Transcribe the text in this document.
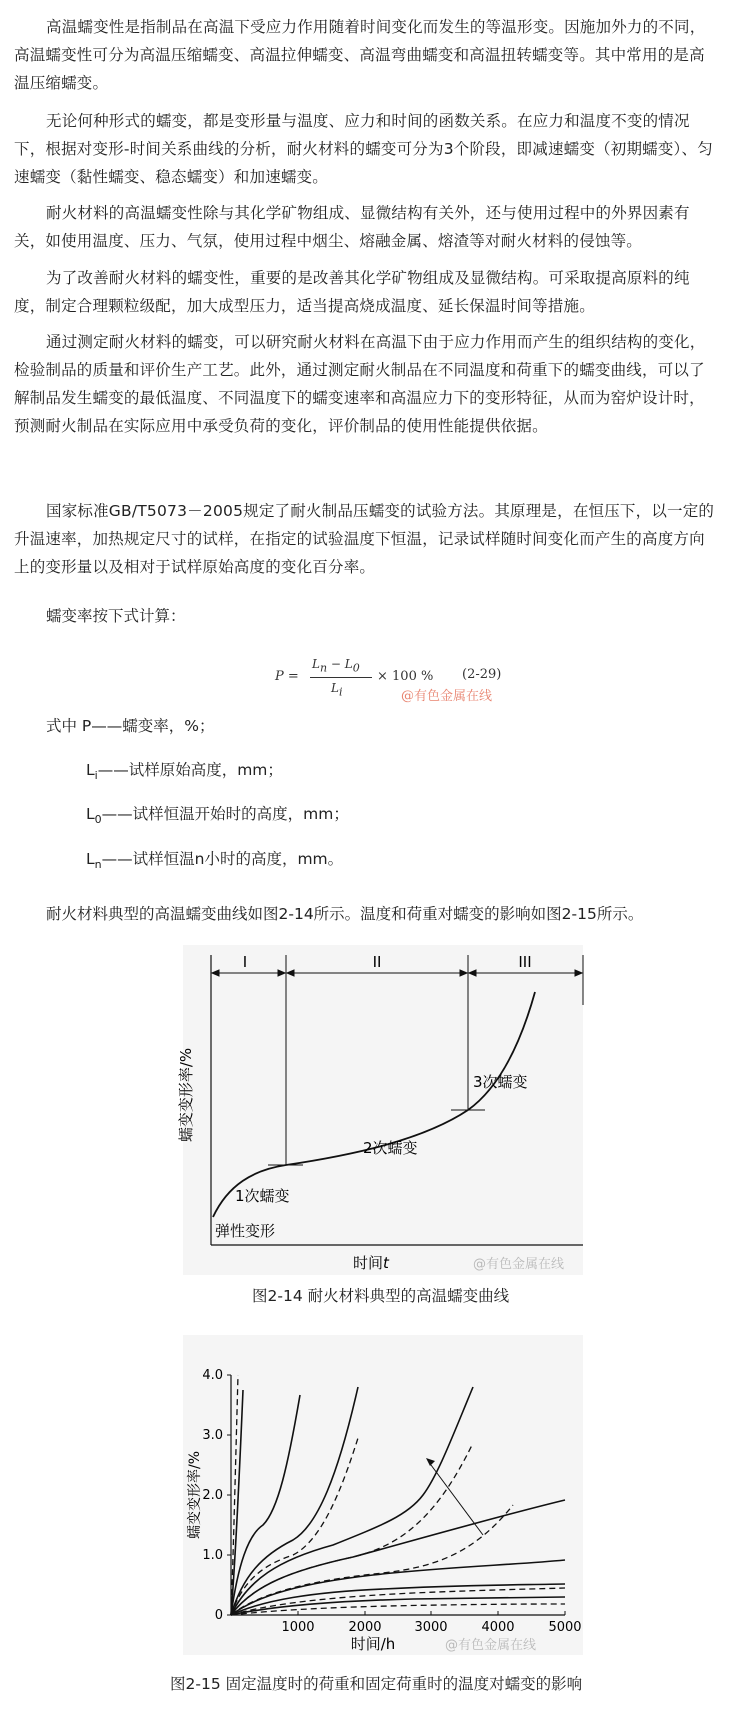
高温蠕变性是指制品在高温下受应力作用随着时间变化而发生的等温形变。因施加外力的不同，高温蠕变性可分为高温压缩蠕变、高温拉伸蠕变、高温弯曲蠕变和高温扭转蠕变等。其中常用的是高温压缩蠕变。

无论何种形式的蠕变，都是变形量与温度、应力和时间的函数关系。在应力和温度不变的情况下，根据对变形-时间关系曲线的分析，耐火材料的蠕变可分为3个阶段，即减速蠕变（初期蠕变）、匀速蠕变（黏性蠕变、稳态蠕变）和加速蠕变。

耐火材料的高温蠕变性除与其化学矿物组成、显微结构有关外，还与使用过程中的外界因素有关，如使用温度、压力、气氛，使用过程中烟尘、熔融金属、熔渣等对耐火材料的侵蚀等。

为了改善耐火材料的蠕变性，重要的是改善其化学矿物组成及显微结构。可采取提高原料的纯度，制定合理颗粒级配，加大成型压力，适当提高烧成温度、延长保温时间等措施。

通过测定耐火材料的蠕变，可以研究耐火材料在高温下由于应力作用而产生的组织结构的变化，检验制品的质量和评价生产工艺。此外，通过测定耐火制品在不同温度和荷重下的蠕变曲线，可以了解制品发生蠕变的最低温度、不同温度下的蠕变速率和高温应力下的变形特征，从而为窑炉设计时，预测耐火制品在实际应用中承受负荷的变化，评价制品的使用性能提供依据。

国家标准GB/T5073－2005规定了耐火制品压蠕变的试验方法。其原理是，在恒压下，以一定的升温速率，加热规定尺寸的试样，在指定的试验温度下恒温，记录试样随时间变化而产生的高度方向上的变形量以及相对于试样原始高度的变化百分率。

蠕变率按下式计算：

P =
$L_n - L_0$
$L_i$
× 100 % (2-29)
@有色金属在线

式中 P——蠕变率，%；

$L_i——$试样原始高度，mm；

$L_0——$试样恒温开始时的高度，mm；

$L_n——$试样恒温n小时的高度，mm。

耐火材料典型的高温蠕变曲线如图2-14所示。温度和荷重对蠕变的影响如图2-15所示。

I	II	III
蠕变变形率/%
弹性变形
1次蠕变
2次蠕变
3次蠕变
时间t	@有色金属在线

图2-14 耐火材料典型的高温蠕变曲线

0
1.0
2.0
3.0
4.0
1000	2000	3000	4000	5000
蠕变变形率/%
时间/h	@有色金属在线

图2-15 固定温度时的荷重和固定荷重时的温度对蠕变的影响
